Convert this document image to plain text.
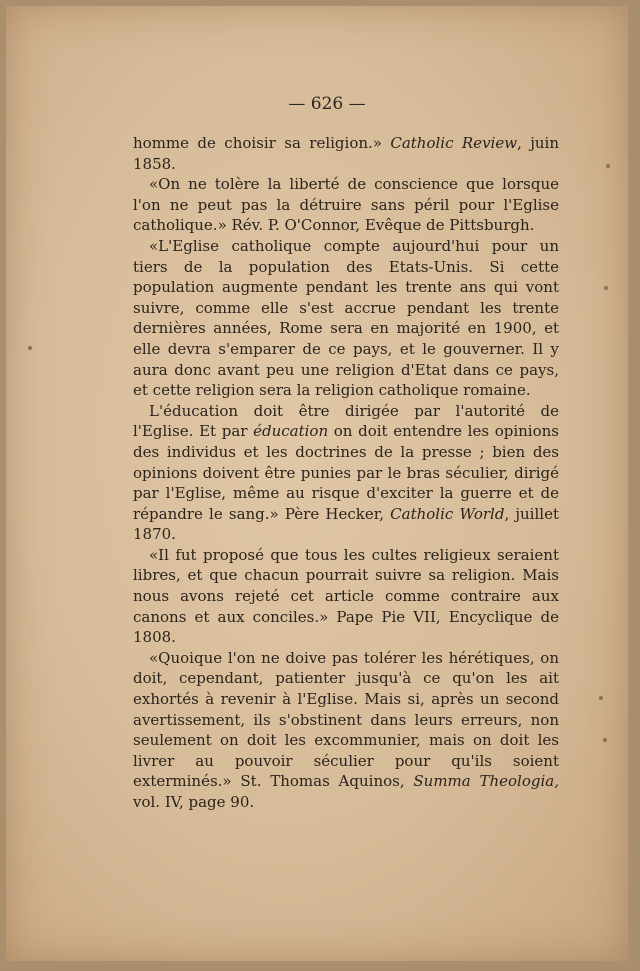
— 626 —

homme de choisir sa religion.» Catholic Review, juin 1858.

«On ne tolère la liberté de conscience que lorsque l'on ne peut pas la détruire sans péril pour l'Eglise catholique.» Rév. P. O'Connor, Evêque de Pittsburgh.

«L'Eglise catholique compte aujourd'hui pour un tiers de la population des Etats-Unis. Si cette population augmente pendant les trente ans qui vont suivre, comme elle s'est accrue pendant les trente dernières années, Rome sera en majorité en 1900, et elle devra s'emparer de ce pays, et le gouverner. Il y aura donc avant peu une religion d'Etat dans ce pays, et cette religion sera la religion catholique romaine.

L'éducation doit être dirigée par l'autorité de l'Eglise. Et par éducation on doit entendre les opinions des individus et les doctrines de la presse ; bien des opinions doivent être punies par le bras séculier, dirigé par l'Eglise, même au risque d'exciter la guerre et de répandre le sang.» Père Hecker, Catholic World, juillet 1870.

«Il fut proposé que tous les cultes religieux seraient libres, et que chacun pourrait suivre sa religion. Mais nous avons rejeté cet article comme contraire aux canons et aux conciles.» Pape Pie VII, Encyclique de 1808.

«Quoique l'on ne doive pas tolérer les hérétiques, on doit, cependant, patienter jusqu'à ce qu'on les ait exhortés à revenir à l'Eglise. Mais si, après un second avertissement, ils s'obstinent dans leurs erreurs, non seulement on doit les excommunier, mais on doit les livrer au pouvoir séculier pour qu'ils soient exterminés.» St. Thomas Aquinos, Summa Theologia, vol. IV, page 90.
